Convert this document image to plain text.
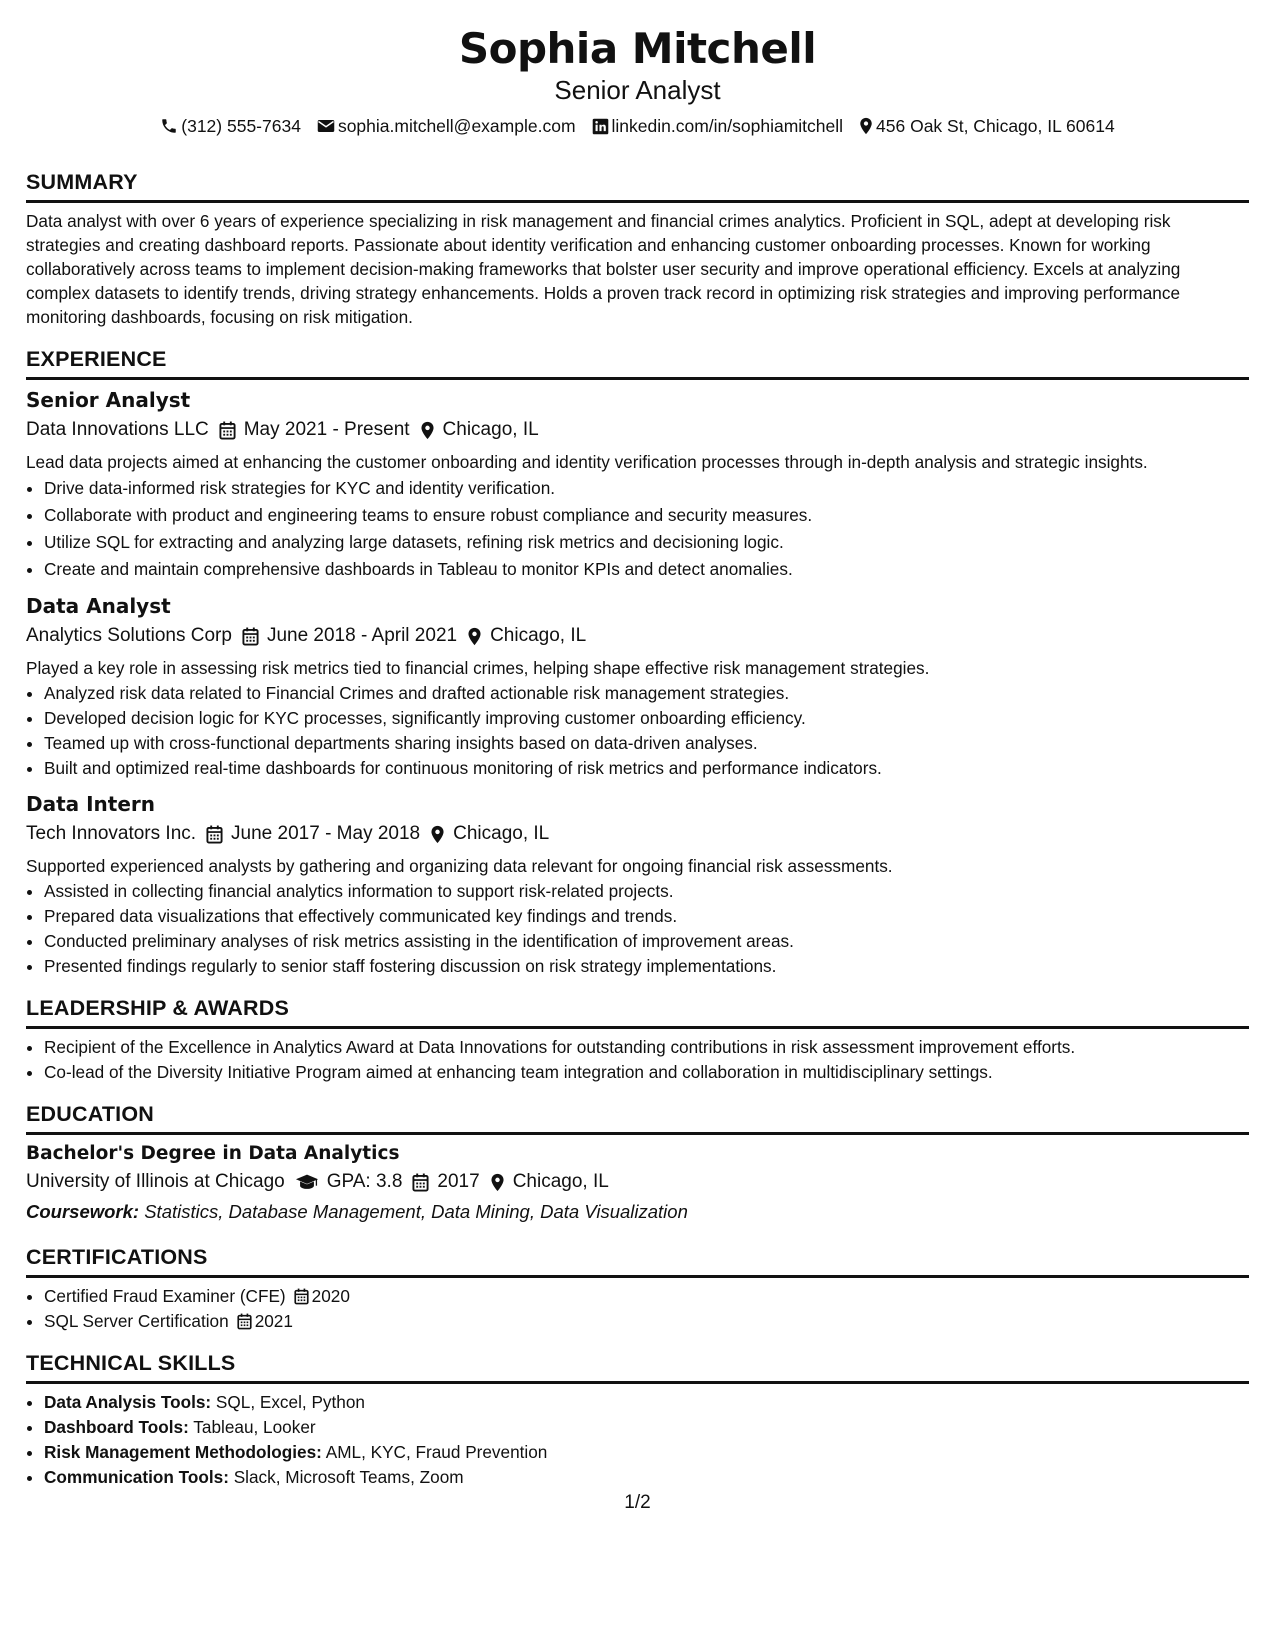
Sophia Mitchell
Senior Analyst
(312) 555-7634 sophia.mitchell@example.com linkedin.com/in/sophiamitchell 456 Oak St, Chicago, IL 60614
SUMMARY

Data analyst with over 6 years of experience specializing in risk management and financial crimes analytics. Proficient in SQL, adept at developing risk strategies and creating dashboard reports. Passionate about identity verification and enhancing customer onboarding processes. Known for working collaboratively across teams to implement decision-making frameworks that bolster user security and improve operational efficiency. Excels at analyzing complex datasets to identify trends, driving strategy enhancements. Holds a proven track record in optimizing risk strategies and improving performance monitoring dashboards, focusing on risk mitigation.

EXPERIENCE
Senior Analyst
Data Innovations LLC May 2021 - Present Chicago, IL
Lead data projects aimed at enhancing the customer onboarding and identity verification processes through in-depth analysis and strategic insights.
• Drive data-informed risk strategies for KYC and identity verification.
• Collaborate with product and engineering teams to ensure robust compliance and security measures.
• Utilize SQL for extracting and analyzing large datasets, refining risk metrics and decisioning logic.
• Create and maintain comprehensive dashboards in Tableau to monitor KPIs and detect anomalies.
Data Analyst
Analytics Solutions Corp June 2018 - April 2021 Chicago, IL
Played a key role in assessing risk metrics tied to financial crimes, helping shape effective risk management strategies.
• Analyzed risk data related to Financial Crimes and drafted actionable risk management strategies.
• Developed decision logic for KYC processes, significantly improving customer onboarding efficiency.
• Teamed up with cross-functional departments sharing insights based on data-driven analyses.
• Built and optimized real-time dashboards for continuous monitoring of risk metrics and performance indicators.
Data Intern
Tech Innovators Inc. June 2017 - May 2018 Chicago, IL
Supported experienced analysts by gathering and organizing data relevant for ongoing financial risk assessments.
• Assisted in collecting financial analytics information to support risk-related projects.
• Prepared data visualizations that effectively communicated key findings and trends.
• Conducted preliminary analyses of risk metrics assisting in the identification of improvement areas.
• Presented findings regularly to senior staff fostering discussion on risk strategy implementations.
LEADERSHIP & AWARDS
• Recipient of the Excellence in Analytics Award at Data Innovations for outstanding contributions in risk assessment improvement efforts.
• Co-lead of the Diversity Initiative Program aimed at enhancing team integration and collaboration in multidisciplinary settings.
EDUCATION
Bachelor's Degree in Data Analytics
University of Illinois at Chicago GPA: 3.8 2017 Chicago, IL
Coursework: Statistics, Database Management, Data Mining, Data Visualization
CERTIFICATIONS
• Certified Fraud Examiner (CFE) 2020
• SQL Server Certification 2021
TECHNICAL SKILLS
• Data Analysis Tools: SQL, Excel, Python
• Dashboard Tools: Tableau, Looker
• Risk Management Methodologies: AML, KYC, Fraud Prevention
• Communication Tools: Slack, Microsoft Teams, Zoom
1/2
